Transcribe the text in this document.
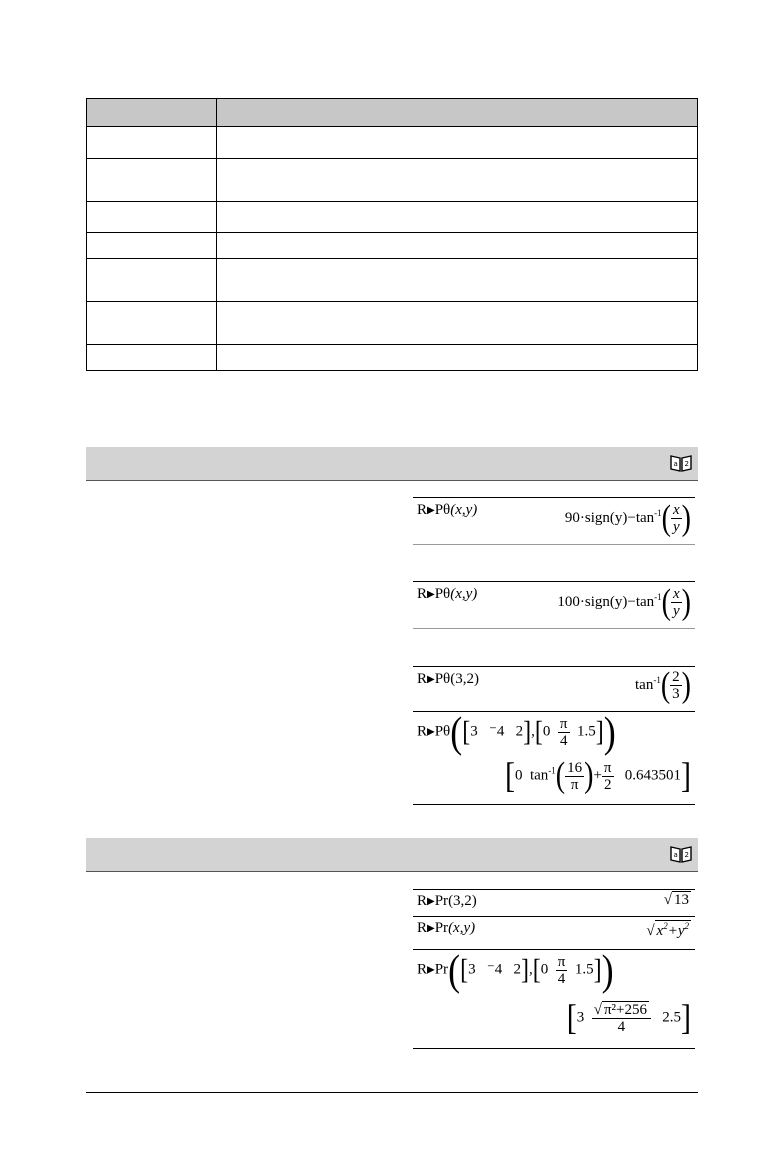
a 2
R▶Pθ(x,y)	$90\cdot sign(y)-\tan^{-1}( \frac{x}{y}$ )
R▶Pθ(x,y)	$100\cdot sign(y)-\tan^{-1}( \frac{x}{y}$ )
R▶Pθ(3,2)	$\tan^{-1}( \frac{2}{3}$ )
R▶Pθ([3   ⁻4   $2],[0 \frac{\pi}{4} 1.5]$)
[0 $\tan^{-1}( \frac{16}{\pi}$ )+ $\frac{\pi}{2} 0.643501$]
a 2
R▶Pr(3,2)	√ 13
R▶Pr(x,y)	√ $x^2+y^2$
R▶Pr([3   ⁻4   $2],[0 \frac{\pi}{4} 1.5]$)
$[3 \frac{\text{√ π²+256}}{4} 2.5]$
